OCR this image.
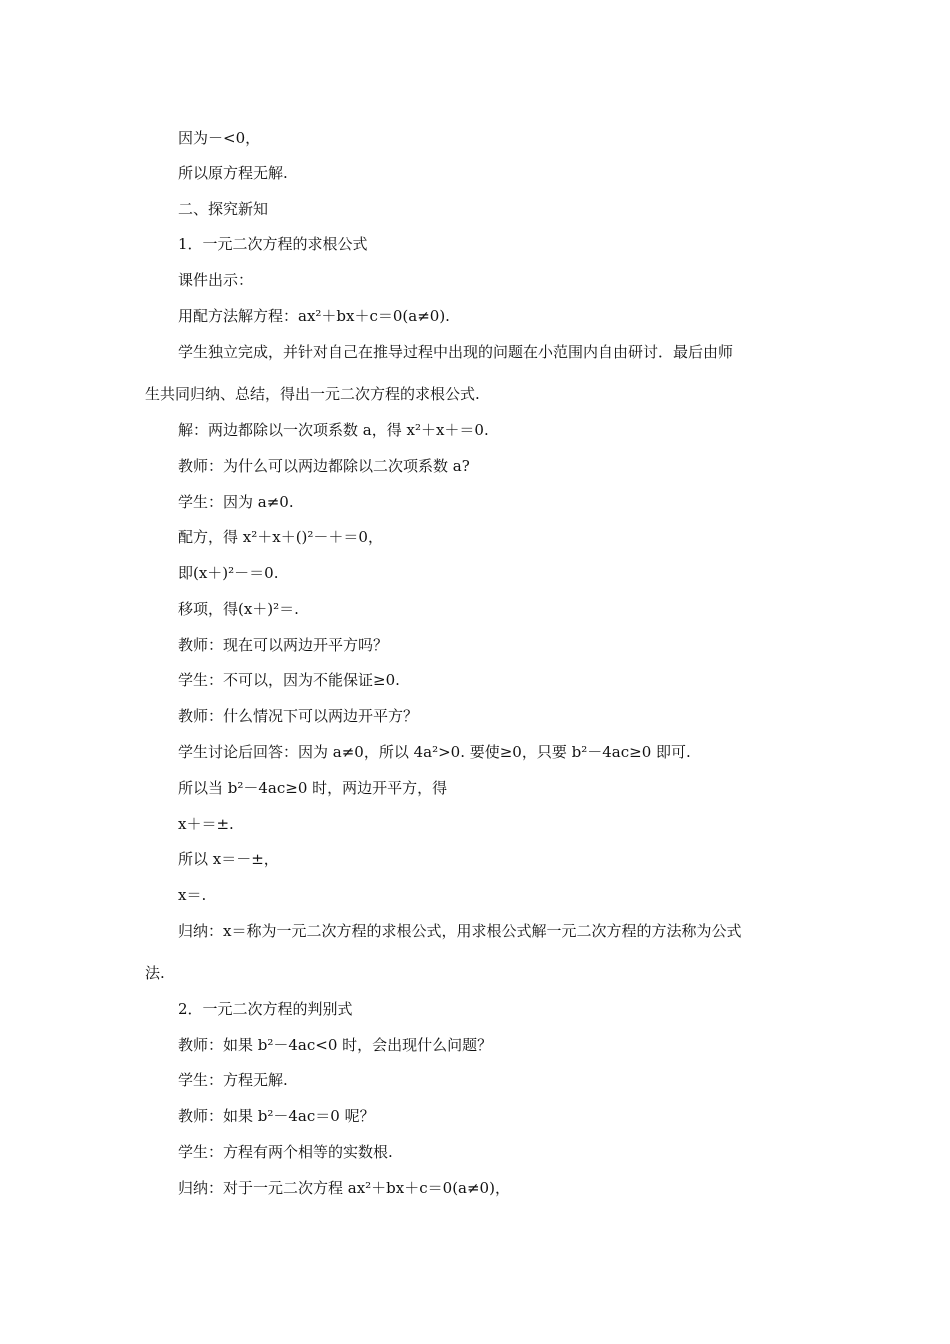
因为－<0，
所以原方程无解.
二、探究新知
1．一元二次方程的求根公式
课件出示：
用配方法解方程：ax²＋bx＋c＝0(a≠0).
学生独立完成，并针对自己在推导过程中出现的问题在小范围内自由研讨．最后由师
生共同归纳、总结，得出一元二次方程的求根公式.
解：两边都除以一次项系数 a，得 x²＋x＋＝0.
教师：为什么可以两边都除以二次项系数 a?
学生：因为 a≠0.
配方，得 x²＋x＋()²－＋＝0，
即(x＋)²－＝0.
移项，得(x＋)²＝.
教师：现在可以两边开平方吗？
学生：不可以，因为不能保证≥0.
教师：什么情况下可以两边开平方？
学生讨论后回答：因为 a≠0，所以 4a²>0. 要使≥0，只要 b²－4ac≥0 即可.
所以当 b²－4ac≥0 时，两边开平方，得
x＋＝±.
所以 x＝－±，
x＝.
归纳：x＝称为一元二次方程的求根公式，用求根公式解一元二次方程的方法称为公式
法.
2．一元二次方程的判别式
教师：如果 b²－4ac<0 时，会出现什么问题？
学生：方程无解.
教师：如果 b²－4ac＝0 呢？
学生：方程有两个相等的实数根.
归纳：对于一元二次方程 ax²＋bx＋c＝0(a≠0)，
